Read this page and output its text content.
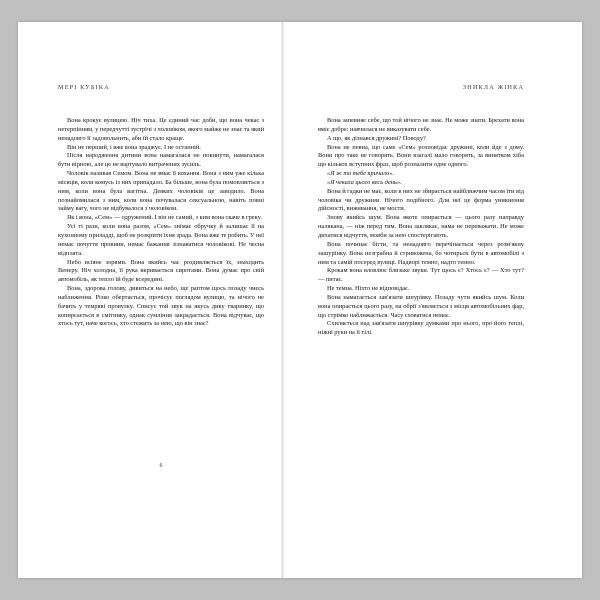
МЕРІ КУБІКА

Вона крокує вулицею. Ніч тиха. Це єдиний час доби, що вона чекає з нетерпінням, у передчутті зустрічі з чоловіком, якого майже не знає та який ненадовго її задовольнить, аби їй стало краще.

Він не перший, і вже вона зраджує. І не останній.

Після народження дитини вона намагалася не покинути, намагалася бути вірною, але це не вартувало витрачених зусиль.

Чоловік називав Семом. Вона не вмає її кохання. Вона з ним уже кілька місяців, коли комусь із них припадало. Ба більше, вона була помовляється з ним, коли вона була вагітна. Деяких чоловіків це заводило. Вона познайомилася з ним, коли вона почувалася сексуальною, навіть повні займу вагу, чого не відбувалося з чоловіком.

Як і вона, «Сем» — одружений. І він не самий, з ким вона скаче в греку.

Усі ті рази, коли вона разом, «Сем» знімає обручку й залишає її на кухонному приладді, щоб не розкрити їхня зрада. Вона вже те робить. У неї немає почуття провини, немає бажання зізнаватися чоловікові. Не чесна відплата.

Небо всіяне зорями. Вона якийсь час роздивляється їх, знаходить Венеру. Ніч холодна, її рука вкривається сиротами. Вона думає про свій автомобіль, як тепло їй буде всередині.

Вона, здорова голову, дивиться на небо, ще раптом щось позаду чиєсь наближення. Різко обертається, прочісує поглядом вулицю, та нічого не бачить у темряві провулку. Списує той звук на якусь дику тваринку, що копирсається в смітнику, однак сумління закрадається. Вона відчуває, що хтось тут, наче когось, хто стежить за нею, що він знає?

ЗНИКЛА ЖІНКА

Вона запевняє себе, що той нічого не знає. Не може знати. Брехати вона вміє добре: навчилася не виказувати себе.

А що, як дізнався дружині? Поводу?

Вона не певна, що саме «Сем» розповідає дружині, коли йде з дому. Вони про таке не говорять. Вони взагалі мало говорять, за винятком хіба що кількох вступних фраз, щоб розпалити одне одного.

«Я ж то тебе кричало».

«Я чекала цього весь день».

Вона й гадки не має, коли в них не збирається найближчим часом їти від чоловіка чи дружини. Нічого подібного. Для неї це форма уникнення дійсності, виживання, не мости.

Знову якийсь шум. Вона якоте опирається — цього разу направду налякана, — ніж перед тим. Вона заклякає, нама не переважати. Не може дихатися відчуття, мовби за нею спостерігають.

Вона починає бігти, та ненадовго перечіпається через розм'якну зашурінку. Вона незграбна й стривожена, бо чотирьох бути в автомобілі з ним та самій посеред вулиці. Надворі темно, надто темно.

Крокам вона вловлює близьке звуки. Тут щось є? Хтось є? — Хто тут? — питає.

Не темна. Ніхто не відповідає.

Вона намагається зав'язати шнурівку. Позаду чути якийсь шум. Коли вона опирається цього разу, на обрії з'являється з місця автомобільних фар, що стрімко наближається. Часу сховатися немає.

Схиляється над зав'язати шнурівку думками про нього, про його теплі, ніжні руки на її тілі.

6
